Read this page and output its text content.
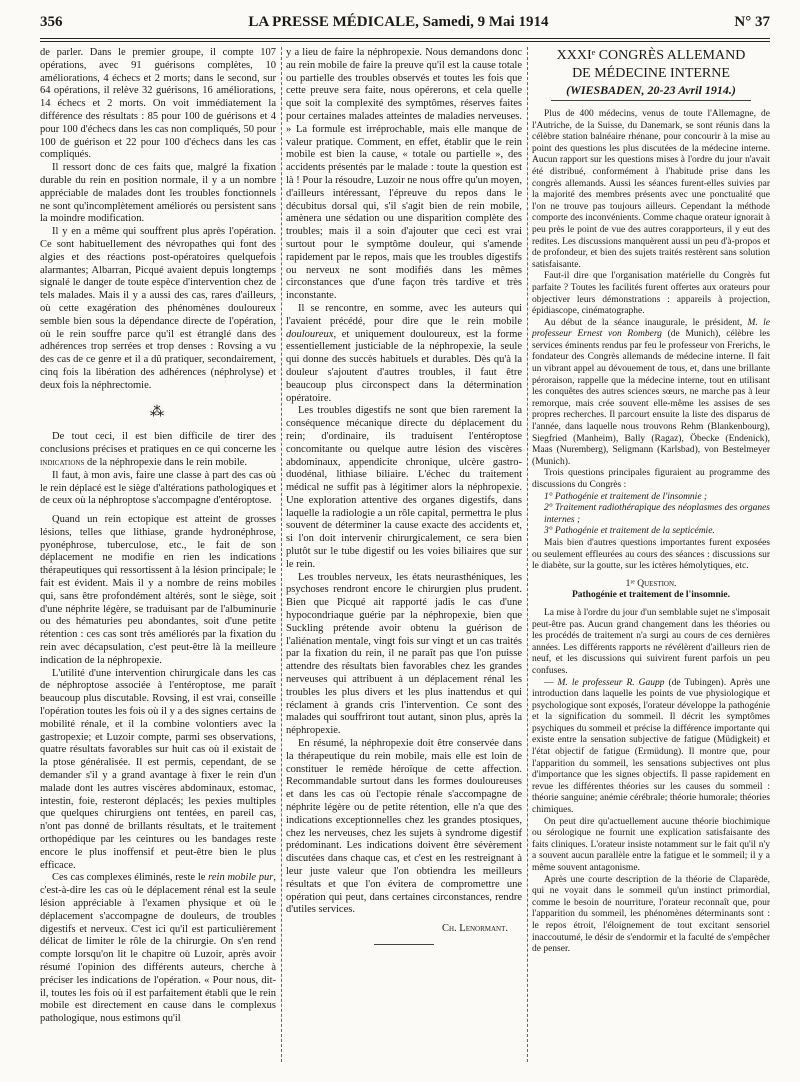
356	LA PRESSE MÉDICALE, Samedi, 9 Mai 1914	N° 37

de parler. Dans le premier groupe, il compte 107 opérations, avec 91 guérisons complètes, 10 améliorations, 4 échecs et 2 morts; dans le second, sur 64 opérations, il relève 32 guérisons, 16 améliorations, 14 échecs et 2 morts. On voit immédiatement la différence des résultats : 85 pour 100 de guérisons et 4 pour 100 d'échecs dans les cas non compliqués, 50 pour 100 de guérison et 22 pour 100 d'échecs dans les cas compliqués.

Il ressort donc de ces faits que, malgré la fixation durable du rein en position normale, il y a un nombre appréciable de malades dont les troubles fonctionnels ne sont qu'incomplètement améliorés ou persistent sans la moindre modification.

Il y en a même qui souffrent plus après l'opération. Ce sont habituellement des névropathes qui font des algies et des réactions post-opératoires quelquefois alarmantes; Albarran, Picqué avaient depuis longtemps signalé le danger de toute espèce d'intervention chez de tels malades. Mais il y a aussi des cas, rares d'ailleurs, où cette exagération des phénomènes douloureux semble bien sous la dépendance directe de l'opération, où le rein souffre parce qu'il est étranglé dans des adhérences trop serrées et trop denses : Rovsing a vu des cas de ce genre et il a dû pratiquer, secondairement, cinq fois la libération des adhérences (néphrolyse) et deux fois la néphrectomie.

⁂

De tout ceci, il est bien difficile de tirer des conclusions précises et pratiques en ce qui concerne les indications de la néphropexie dans le rein mobile.

Il faut, à mon avis, faire une classe à part des cas où le rein déplacé est le siège d'altérations pathologiques et de ceux où la néphroptose s'accompagne d'entéroptose.

Quand un rein ectopique est atteint de grosses lésions, telles que lithiase, grande hydronéphrose, pyonéphrose, tuberculose, etc., le fait de son déplacement ne modifie en rien les indications thérapeutiques qui ressortissent à la lésion principale; le fait est évident. Mais il y a nombre de reins mobiles qui, sans être profondément altérés, sont le siège, soit d'une néphrite légère, se traduisant par de l'albuminurie ou des hématuries peu abondantes, soit d'une petite rétention : ces cas sont très améliorés par la fixation du rein avec décapsulation, c'est peut-être là la meilleure indication de la néphropexie.

L'utilité d'une intervention chirurgicale dans les cas de néphroptose associée à l'entéroptose, me paraît beaucoup plus discutable. Rovsing, il est vrai, conseille l'opération toutes les fois où il y a des signes certains de mobilité rénale, et il la combine volontiers avec la gastropexie; et Luzoir compte, parmi ses observations, quatre résultats favorables sur huit cas où il existait de la ptose généralisée. Il est permis, cependant, de se demander s'il y a grand avantage à fixer le rein d'un malade dont les autres viscères abdominaux, estomac, intestin, foie, resteront déplacés; les pexies multiples que quelques chirurgiens ont tentées, en pareil cas, n'ont pas donné de brillants résultats, et le traitement orthopédique par les ceintures ou les bandages reste encore le plus inoffensif et peut-être bien le plus efficace.

Ces cas complexes éliminés, reste le rein mobile pur, c'est-à-dire les cas où le déplacement rénal est la seule lésion appréciable à l'examen physique et où le déplacement s'accompagne de douleurs, de troubles digestifs et nerveux. C'est ici qu'il est particulièrement délicat de limiter le rôle de la chirurgie. On s'en rend compte lorsqu'on lit le chapitre où Luzoir, après avoir résumé l'opinion des différents auteurs, cherche à préciser les indications de l'opération. « Pour nous, dit-il, toutes les fois où il est parfaitement établi que le rein mobile est directement en cause dans le complexus pathologique, nous estimons qu'il

y a lieu de faire la néphropexie. Nous demandons donc au rein mobile de faire la preuve qu'il est la cause totale ou partielle des troubles observés et toutes les fois que cette preuve sera faite, nous opérerons, et cela quelle que soit la complexité des symptômes, réserves faites pour certaines malades atteintes de maladies nerveuses. » La formule est irréprochable, mais elle manque de valeur pratique. Comment, en effet, établir que le rein mobile est bien la cause, « totale ou partielle », des accidents présentés par le malade : toute la question est là ! Pour la résoudre, Luzoir ne nous offre qu'un moyen, d'ailleurs intéressant, l'épreuve du repos dans le décubitus dorsal qui, s'il s'agit bien de rein mobile, amènera une sédation ou une disparition complète des troubles; mais il a soin d'ajouter que ceci est vrai surtout pour le symptôme douleur, qui s'amende rapidement par le repos, mais que les troubles digestifs ou nerveux ne sont modifiés dans les mêmes circonstances que d'une façon très tardive et très inconstante.

Il se rencontre, en somme, avec les auteurs qui l'avaient précédé, pour dire que le rein mobile douloureux, et uniquement douloureux, est la forme essentiellement justiciable de la néphropexie, la seule qui donne des succès habituels et durables. Dès qu'à la douleur s'ajoutent d'autres troubles, il faut être beaucoup plus circonspect dans la détermination opératoire.

Les troubles digestifs ne sont que bien rarement la conséquence mécanique directe du déplacement du rein; d'ordinaire, ils traduisent l'entéroptose concomitante ou quelque autre lésion des viscères abdominaux, appendicite chronique, ulcère gastro-duodénal, lithiase biliaire. L'échec du traitement médical ne suffit pas à légitimer alors la néphropexie. Une exploration attentive des organes digestifs, dans laquelle la radiologie a un rôle capital, permettra le plus souvent de déterminer la cause exacte des accidents et, si l'on doit intervenir chirurgicalement, ce sera bien plutôt sur le tube digestif ou les voies biliaires que sur le rein.

Les troubles nerveux, les états neurasthéniques, les psychoses rendront encore le chirurgien plus prudent. Bien que Picqué ait rapporté jadis le cas d'une hypocondriaque guérie par la néphropexie, bien que Suckling prétende avoir obtenu la guérison de l'aliénation mentale, vingt fois sur vingt et un cas traités par la fixation du rein, il ne paraît pas que l'on puisse attendre des résultats bien favorables chez les grandes nerveuses qui attribuent à un déplacement rénal les troubles les plus divers et les plus inattendus et qui réclament à grands cris l'intervention. Ce sont des malades qui souffriront tout autant, sinon plus, après la néphropexie.

En résumé, la néphropexie doit être conservée dans la thérapeutique du rein mobile, mais elle est loin de constituer le remède héroïque de cette affection. Recommandable surtout dans les formes douloureuses et dans les cas où l'ectopie rénale s'accompagne de néphrite légère ou de petite rétention, elle n'a que des indications exceptionnelles chez les grandes ptosiques, chez les nerveuses, chez les sujets à syndrome digestif prédominant. Les indications doivent être sévèrement discutées dans chaque cas, et c'est en les restreignant à leur juste valeur que l'on obtiendra les meilleurs résultats et que l'on évitera de compromettre une opération qui peut, dans certaines circonstances, rendre d'utiles services.

Ch. Lenormant.
XXXIᵉ CONGRÈS ALLEMAND
DE MÉDECINE INTERNE
(WIESBADEN, 20-23 Avril 1914.)

Plus de 400 médecins, venus de toute l'Allemagne, de l'Autriche, de la Suisse, du Danemark, se sont réunis dans la célèbre station balnéaire rhénane, pour concourir à la mise au point des questions les plus discutées de la médecine interne. Aucun rapport sur les questions mises à l'ordre du jour n'avait été distribué, conformément à l'habitude prise dans les congrès allemands. Aussi les séances furent-elles suivies par la majorité des membres présents avec une ponctualité que l'on ne trouve pas toujours ailleurs. Cependant la méthode comporte des inconvénients. Comme chaque orateur ignorait à peu près le point de vue des autres corapporteurs, il y eut des redites. Les discussions manquèrent aussi un peu d'à-propos et de profondeur, et bien des sujets traités restèrent sans solution satisfaisante.

Faut-il dire que l'organisation matérielle du Congrès fut parfaite ? Toutes les facilités furent offertes aux orateurs pour objectiver leurs démonstrations : appareils à projection, épidiascope, cinématographe.

Au début de la séance inaugurale, le président, M. le professeur Ernest von Romberg (de Munich), célèbre les services éminents rendus par feu le professeur von Frerichs, le fondateur des Congrès allemands de médecine interne. Il fait un vibrant appel au dévouement de tous, et, dans une brillante péroraison, rappelle que la médecine interne, tout en utilisant les conquêtes des autres sciences sœurs, ne marche pas à leur remorque, mais crée souvent elle-même les assises de ses propres recherches. Il parcourt ensuite la liste des disparus de l'année, dans laquelle nous trouvons Rehm (Blankenbourg), Siegfried (Manheim), Bally (Ragaz), Öbecke (Endenick), Maas (Nuremberg), Seligmann (Karlsbad), von Bestelmeyer (Munich).

Trois questions principales figuraient au programme des discussions du Congrès :

1° Pathogénie et traitement de l'insomnie ;

2° Traitement radiothérapique des néoplasmes des organes internes ;

3° Pathogénie et traitement de la septicémie.

Mais bien d'autres questions importantes furent exposées ou seulement effleurées au cours des séances : discussions sur le diabète, sur la goutte, sur les ictères hémolytiques, etc.

1ʳᵉ Question.

Pathogénie et traitement de l'insomnie.

La mise à l'ordre du jour d'un semblable sujet ne s'imposait peut-être pas. Aucun grand changement dans les théories ou les procédés de traitement n'a surgi au cours de ces dernières années. Les différents rapports ne révélèrent d'ailleurs rien de neuf, et les discussions qui suivirent furent parfois un peu confuses.

— M. le professeur R. Gaupp (de Tubingen). Après une introduction dans laquelle les points de vue physiologique et psychologique sont exposés, l'orateur développe la pathogénie et la signification du sommeil. Il décrit les symptômes psychiques du sommeil et précise la différence importante qui existe entre la sensation subjective de fatigue (Müdigkeit) et l'état objectif de fatigue (Ermüdung). Il montre que, pour l'apparition du sommeil, les sensations subjectives ont plus d'importance que les signes objectifs. Il passe rapidement en revue les différentes théories sur les causes du sommeil : théorie sanguine; anémie cérébrale; théorie humorale; théories chimiques.

On peut dire qu'actuellement aucune théorie biochimique ou sérologique ne fournit une explication satisfaisante des faits cliniques. L'orateur insiste notamment sur le fait qu'il n'y a souvent aucun parallèle entre la fatigue et le sommeil; il y a même souvent antagonisme.

Après une courte description de la théorie de Claparède, qui ne voyait dans le sommeil qu'un instinct primordial, comme le besoin de nourriture, l'orateur reconnaît que, pour l'apparition du sommeil, les phénomènes déterminants sont : le repos étroit, l'éloignement de tout excitant sensoriel inaccoutumé, le désir de s'endormir et la faculté de s'empêcher de penser.
